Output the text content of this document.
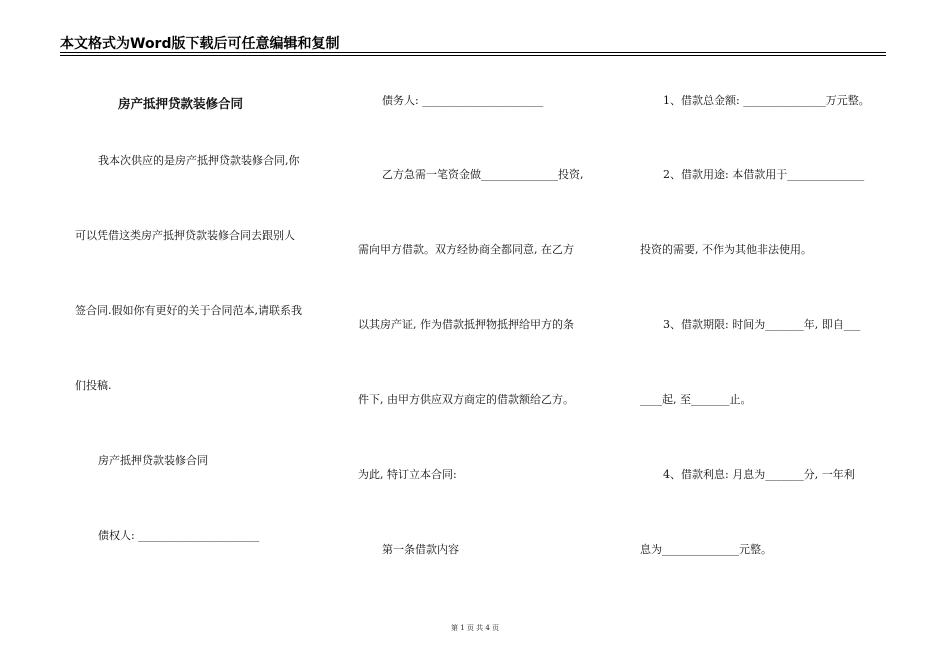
本文格式为Word版下载后可任意编辑和复制
房产抵押贷款装修合同
我本次供应的是房产抵押贷款装修合同,你
可以凭借这类房产抵押贷款装修合同去跟别人
签合同.假如你有更好的关于合同范本,请联系我
们投稿.
房产抵押贷款装修合同
债权人: ______________________
债务人: ______________________
乙方急需一笔资金做______________投资,
需向甲方借款。双方经协商全都同意, 在乙方
以其房产证, 作为借款抵押物抵押给甲方的条
件下, 由甲方供应双方商定的借款额给乙方。
为此, 特订立本合同:
第一条借款内容
1、借款总金额: _______________万元整。
2、借款用途: 本借款用于______________
投资的需要, 不作为其他非法使用。
3、借款期限: 时间为_______年, 即自___
____起, 至_______止。
4、借款利息: 月息为_______分, 一年利
息为______________元整。
第 1 页 共 4 页
